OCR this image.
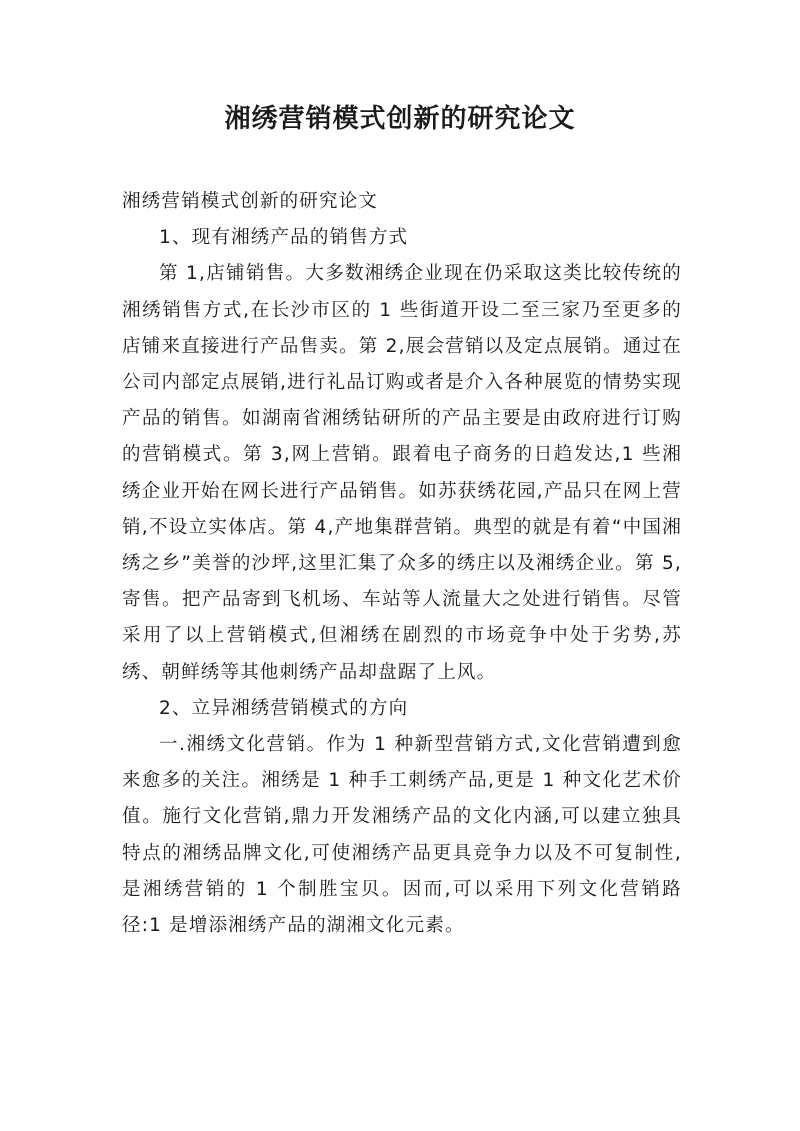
湘绣营销模式创新的研究论文

湘绣营销模式创新的研究论文

1、现有湘绣产品的销售方式

第 1,店铺销售。大多数湘绣企业现在仍采取这类比较传统的湘绣销售方式,在长沙市区的 1 些街道开设二至三家乃至更多的店铺来直接进行产品售卖。第 2,展会营销以及定点展销。通过在公司内部定点展销,进行礼品订购或者是介入各种展览的情势实现产品的销售。如湖南省湘绣钻研所的产品主要是由政府进行订购的营销模式。第 3,网上营销。跟着电子商务的日趋发达,1 些湘绣企业开始在网长进行产品销售。如苏获绣花园,产品只在网上营销,不设立实体店。第 4,产地集群营销。典型的就是有着“中国湘绣之乡”美誉的沙坪,这里汇集了众多的绣庄以及湘绣企业。第 5,寄售。把产品寄到飞机场、车站等人流量大之处进行销售。尽管采用了以上营销模式,但湘绣在剧烈的市场竞争中处于劣势,苏绣、朝鲜绣等其他刺绣产品却盘踞了上风。

2、立异湘绣营销模式的方向

一.湘绣文化营销。作为 1 种新型营销方式,文化营销遭到愈来愈多的关注。湘绣是 1 种手工刺绣产品,更是 1 种文化艺术价值。施行文化营销,鼎力开发湘绣产品的文化内涵,可以建立独具特点的湘绣品牌文化,可使湘绣产品更具竞争力以及不可复制性,是湘绣营销的 1 个制胜宝贝。因而,可以采用下列文化营销路径:1 是增添湘绣产品的湖湘文化元素。
